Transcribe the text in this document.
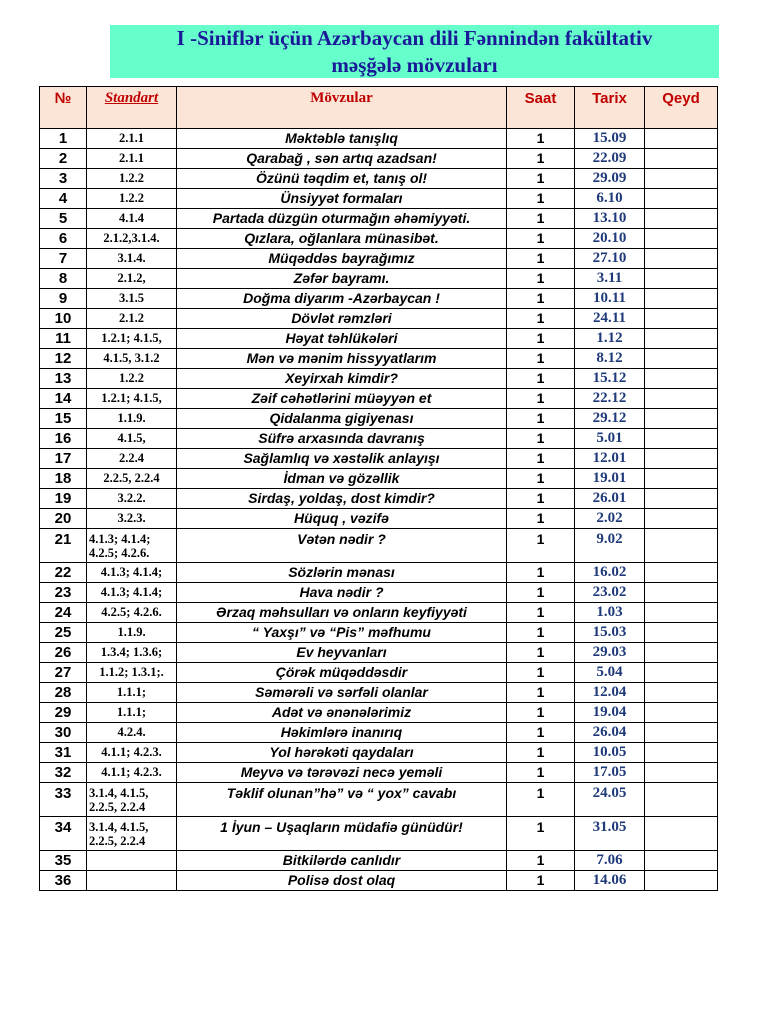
I -Siniflər üçün Azərbaycan dili Fənnindən fakültativ
məşğələ mövzuları
№	Standart	Mövzular	Saat	Tarix	Qeyd
1	2.1.1	Məktəblə tanışlıq	1	15.09	
2	2.1.1	Qarabağ , sən artıq azadsan!	1	22.09	
3	1.2.2	Özünü təqdim et, tanış ol!	1	29.09	
4	1.2.2	Ünsiyyət formaları	1	6.10	
5	4.1.4	Partada düzgün oturmağın əhəmiyyəti.	1	13.10	
6	2.1.2,3.1.4.	Qızlara, oğlanlara münasibət.	1	20.10	
7	3.1.4.	Müqəddəs bayrağımız	1	27.10	
8	2.1.2,	Zəfər bayramı.	1	3.11	
9	3.1.5	Doğma diyarım -Azərbaycan !	1	10.11	
10	2.1.2	Dövlət rəmzləri	1	24.11	
11	1.2.1; 4.1.5,	Həyat təhlükələri	1	1.12	
12	4.1.5, 3.1.2	Mən və mənim hissyyatlarım	1	8.12	
13	1.2.2	Xeyirxah kimdir?	1	15.12	
14	1.2.1; 4.1.5,	Zəif cəhətlərini müəyyən et	1	22.12	
15	1.1.9.	Qidalanma gigiyenası	1	29.12	
16	4.1.5,	Süfrə arxasında davranış	1	5.01	
17	2.2.4	Sağlamlıq və xəstəlik anlayışı	1	12.01	
18	2.2.5, 2.2.4	İdman və gözəllik	1	19.01	
19	3.2.2.	Sirdaş, yoldaş, dost kimdir?	1	26.01	
20	3.2.3.	Hüquq , vəzifə	1	2.02	
21	4.1.3; 4.1.4;
4.2.5; 4.2.6.	Vətən nədir ?	1	9.02	
22	4.1.3; 4.1.4;	Sözlərin mənası	1	16.02	
23	4.1.3; 4.1.4;	Hava nədir ?	1	23.02	
24	4.2.5; 4.2.6.	Ərzaq məhsulları və onların keyfiyyəti	1	1.03	
25	1.1.9.	“ Yaxşı” və “Pis” məfhumu	1	15.03	
26	1.3.4; 1.3.6;	Ev heyvanları	1	29.03	
27	1.1.2; 1.3.1;.	Çörək müqəddəsdir	1	5.04	
28	1.1.1;	Səmərəli və sərfəli olanlar	1	12.04	
29	1.1.1;	Adət və ənənələrimiz	1	19.04	
30	4.2.4.	Həkimlərə inanırıq	1	26.04	
31	4.1.1; 4.2.3.	Yol hərəkəti qaydaları	1	10.05	
32	4.1.1; 4.2.3.	Meyvə və tərəvəzi necə yemәli	1	17.05	
33	3.1.4, 4.1.5,
2.2.5, 2.2.4	Təklif olunan”hə” və “ yox” cavabı	1	24.05	
34	3.1.4, 4.1.5,
2.2.5, 2.2.4	1 İyun – Uşaqların müdafiə günüdür!	1	31.05	
35		Bitkilərdə canlıdır	1	7.06	
36		Polisə dost olaq	1	14.06	
